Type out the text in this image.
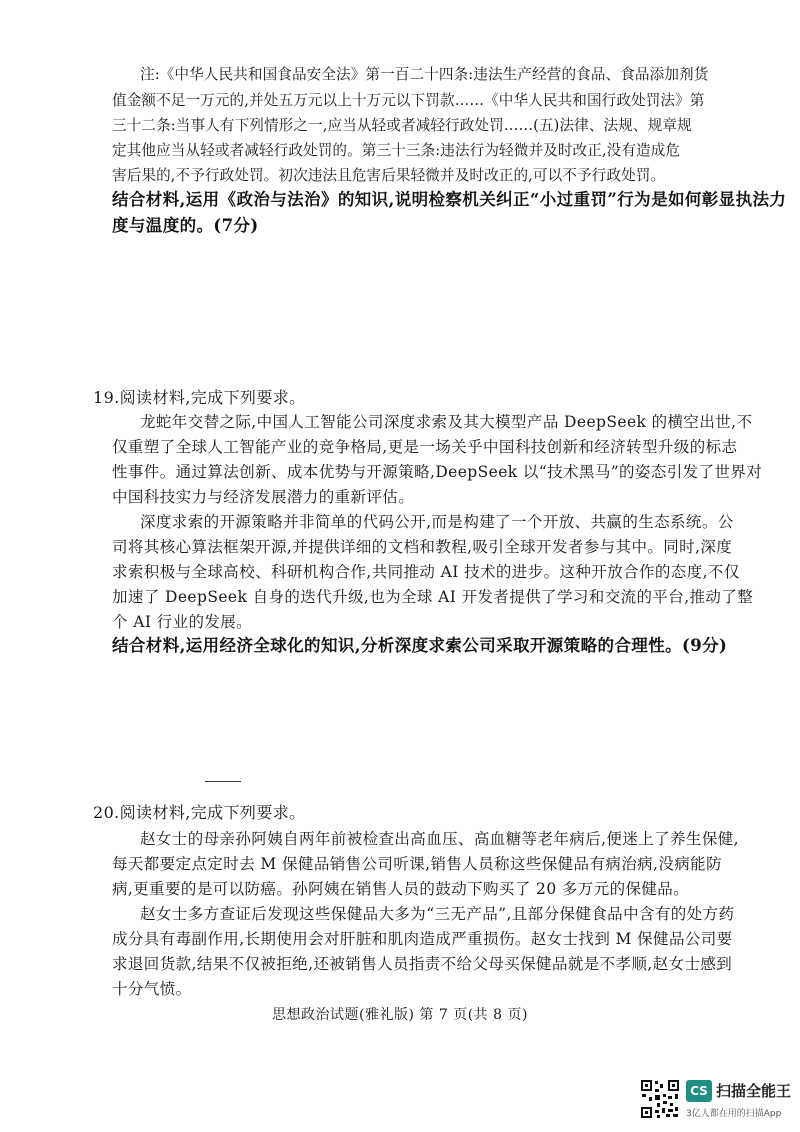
注:《中华人民共和国食品安全法》第一百二十四条:违法生产经营的食品、食品添加剂货
值金额不足一万元的,并处五万元以上十万元以下罚款……《中华人民共和国行政处罚法》第
三十二条:当事人有下列情形之一,应当从轻或者减轻行政处罚……(五)法律、法规、规章规
定其他应当从轻或者减轻行政处罚的。第三十三条:违法行为轻微并及时改正,没有造成危
害后果的,不予行政处罚。初次违法且危害后果轻微并及时改正的,可以不予行政处罚。
结合材料,运用《政治与法治》的知识,说明检察机关纠正“小过重罚”行为是如何彰显执法力
度与温度的。(7分)
19.阅读材料,完成下列要求。
龙蛇年交替之际,中国人工智能公司深度求索及其大模型产品 DeepSeek 的横空出世,不
仅重塑了全球人工智能产业的竞争格局,更是一场关乎中国科技创新和经济转型升级的标志
性事件。通过算法创新、成本优势与开源策略,DeepSeek 以“技术黑马”的姿态引发了世界对
中国科技实力与经济发展潜力的重新评估。
深度求索的开源策略并非简单的代码公开,而是构建了一个开放、共赢的生态系统。公
司将其核心算法框架开源,并提供详细的文档和教程,吸引全球开发者参与其中。同时,深度
求索积极与全球高校、科研机构合作,共同推动 AI 技术的进步。这种开放合作的态度,不仅
加速了 DeepSeek 自身的迭代升级,也为全球 AI 开发者提供了学习和交流的平台,推动了整
个 AI 行业的发展。
结合材料,运用经济全球化的知识,分析深度求索公司采取开源策略的合理性。(9分)
20.阅读材料,完成下列要求。
赵女士的母亲孙阿姨自两年前被检查出高血压、高血糖等老年病后,便迷上了养生保健,
每天都要定点定时去 M 保健品销售公司听课,销售人员称这些保健品有病治病,没病能防
病,更重要的是可以防癌。孙阿姨在销售人员的鼓动下购买了 20 多万元的保健品。
赵女士多方查证后发现这些保健品大多为“三无产品”,且部分保健食品中含有的处方药
成分具有毒副作用,长期使用会对肝脏和肌肉造成严重损伤。赵女士找到 M 保健品公司要
求退回货款,结果不仅被拒绝,还被销售人员指责不给父母买保健品就是不孝顺,赵女士感到
十分气愤。
思想政治试题(雅礼版) 第 7 页(共 8 页)
CS 扫描全能王
3亿人都在用的扫描App
